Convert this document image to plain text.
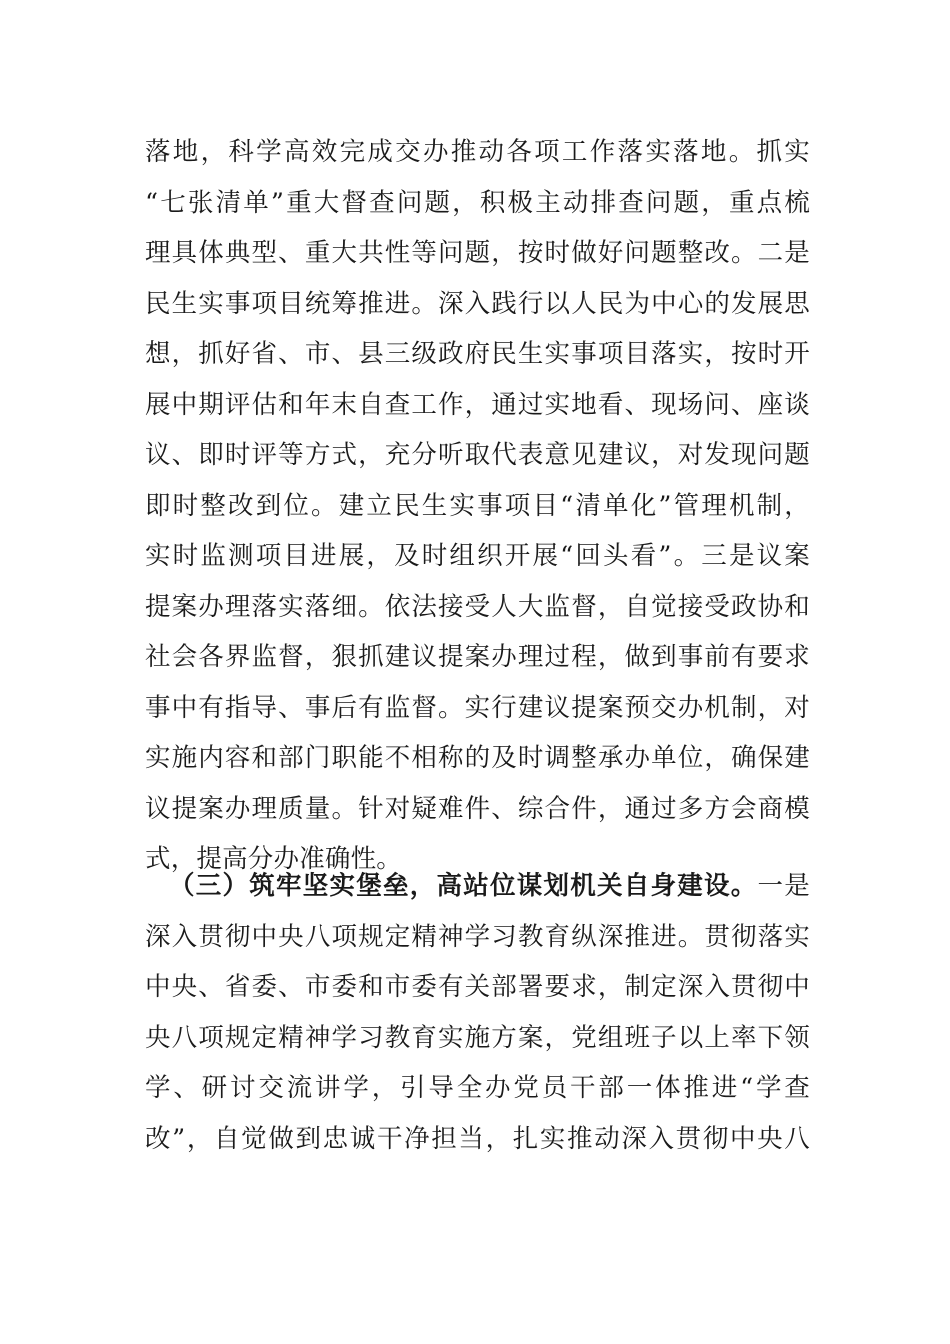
落地，科学高效完成交办推动各项工作落实落地。抓实
“七张清单”重大督查问题，积极主动排查问题，重点梳
理具体典型、重大共性等问题，按时做好问题整改。二是
民生实事项目统筹推进。深入践行以人民为中心的发展思
想，抓好省、市、县三级政府民生实事项目落实，按时开
展中期评估和年末自查工作，通过实地看、现场问、座谈
议、即时评等方式，充分听取代表意见建议，对发现问题
即时整改到位。建立民生实事项目“清单化”管理机制，
实时监测项目进展，及时组织开展“回头看”。三是议案
提案办理落实落细。依法接受人大监督，自觉接受政协和
社会各界监督，狠抓建议提案办理过程，做到事前有要求
事中有指导、事后有监督。实行建议提案预交办机制，对
实施内容和部门职能不相称的及时调整承办单位，确保建
议提案办理质量。针对疑难件、综合件，通过多方会商模
式，提高分办准确性。
（三）筑牢坚实堡垒，高站位谋划机关自身建设。一是
深入贯彻中央八项规定精神学习教育纵深推进。贯彻落实
中央、省委、市委和市委有关部署要求，制定深入贯彻中
央八项规定精神学习教育实施方案，党组班子以上率下领
学、研讨交流讲学，引导全办党员干部一体推进“学查
改”，自觉做到忠诚干净担当，扎实推动深入贯彻中央八
